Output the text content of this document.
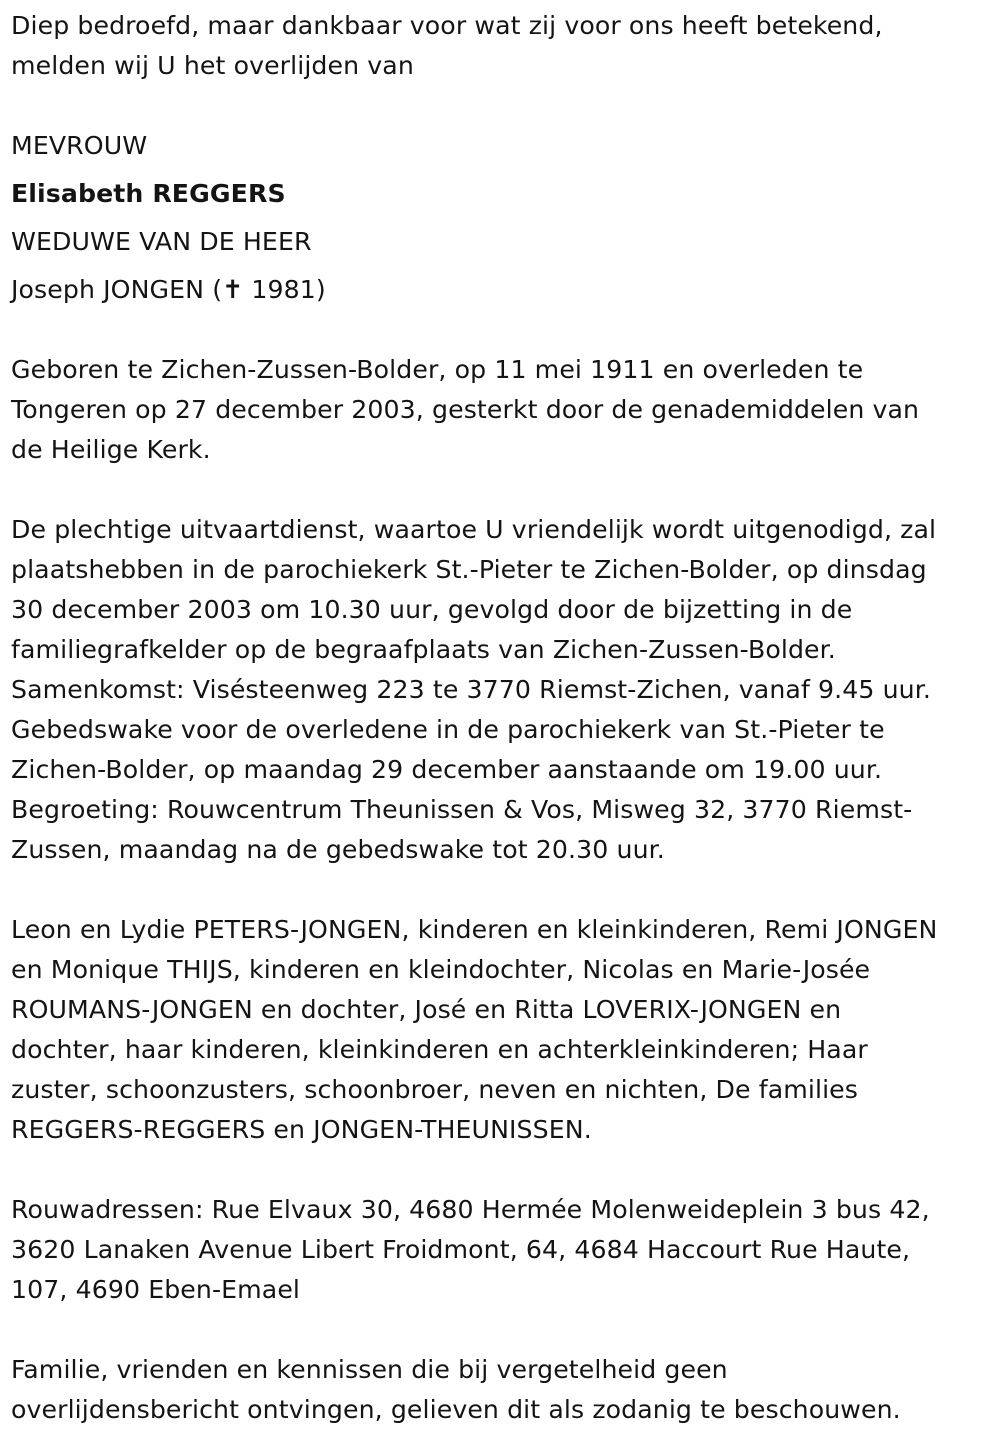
Diep bedroefd, maar dankbaar voor wat zij voor ons heeft betekend,
melden wij U het overlijden van
MEVROUW
Elisabeth REGGERS
WEDUWE VAN DE HEER
Joseph JONGEN (✝ 1981)
Geboren te Zichen-Zussen-Bolder, op 11 mei 1911 en overleden te
Tongeren op 27 december 2003, gesterkt door de genademiddelen van
de Heilige Kerk.
De plechtige uitvaartdienst, waartoe U vriendelijk wordt uitgenodigd, zal
plaatshebben in de parochiekerk St.-Pieter te Zichen-Bolder, op dinsdag
30 december 2003 om 10.30 uur, gevolgd door de bijzetting in de
familiegrafkelder op de begraafplaats van Zichen-Zussen-Bolder.
Samenkomst: Visésteenweg 223 te 3770 Riemst-Zichen, vanaf 9.45 uur.
Gebedswake voor de overledene in de parochiekerk van St.-Pieter te
Zichen-Bolder, op maandag 29 december aanstaande om 19.00 uur.
Begroeting: Rouwcentrum Theunissen & Vos, Misweg 32, 3770 Riemst-
Zussen, maandag na de gebedswake tot 20.30 uur.
Leon en Lydie PETERS-JONGEN, kinderen en kleinkinderen, Remi JONGEN
en Monique THIJS, kinderen en kleindochter, Nicolas en Marie-Josée
ROUMANS-JONGEN en dochter, José en Ritta LOVERIX-JONGEN en
dochter, haar kinderen, kleinkinderen en achterkleinkinderen; Haar
zuster, schoonzusters, schoonbroer, neven en nichten, De families
REGGERS-REGGERS en JONGEN-THEUNISSEN.
Rouwadressen: Rue Elvaux 30, 4680 Hermée Molenweideplein 3 bus 42,
3620 Lanaken Avenue Libert Froidmont, 64, 4684 Haccourt Rue Haute,
107, 4690 Eben-Emael
Familie, vrienden en kennissen die bij vergetelheid geen
overlijdensbericht ontvingen, gelieven dit als zodanig te beschouwen.
